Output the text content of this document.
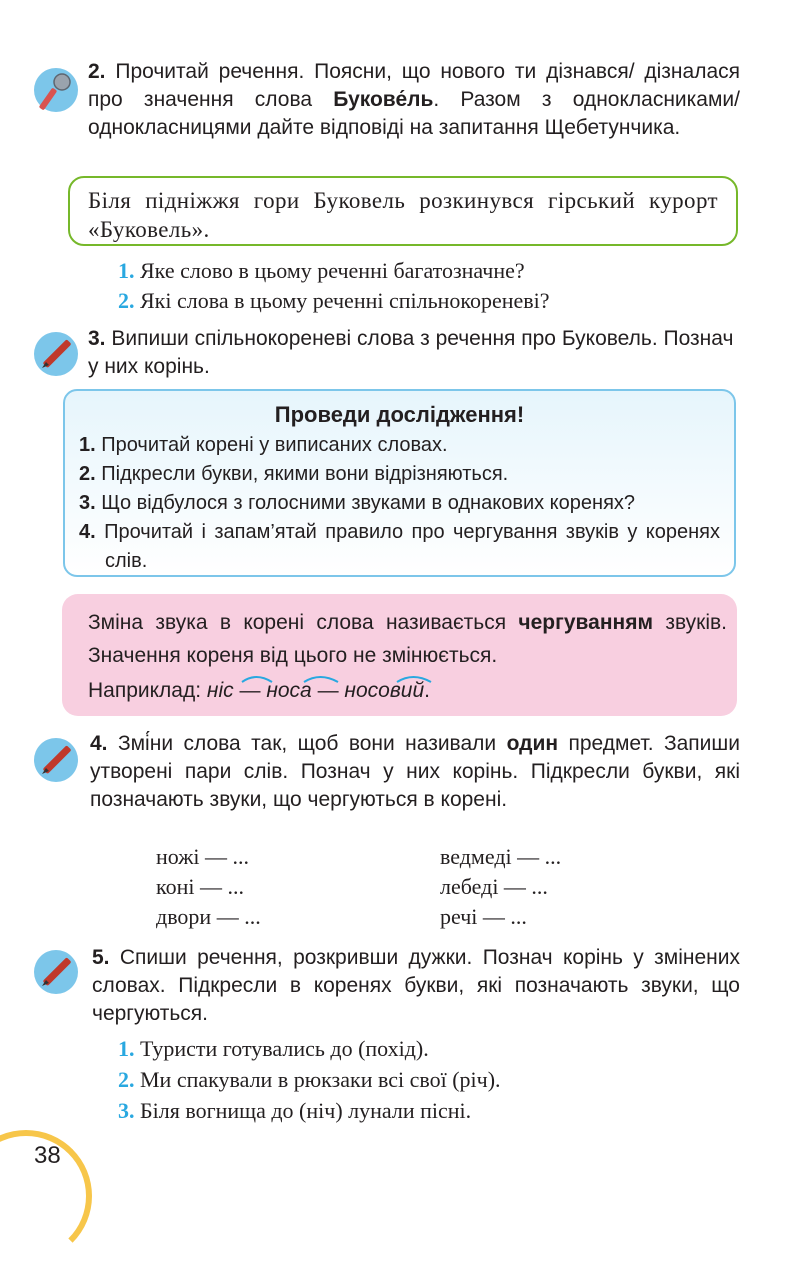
2. Прочитай речення. Поясни, що нового ти дізнався/ дізналася про значення слова Букове́ль. Разом з однокласниками/однокласницями дайте відповіді на запитання Щебетунчика.
Біля підніжжя гори Буковель розкинувся гірський курорт «Буковель».
1. Яке слово в цьому реченні багатозначне?
2. Які слова в цьому реченні спільнокореневі?
3. Випиши спільнокореневі слова з речення про Буковель. Познач у них корінь.
Проведи дослідження!
1. Прочитай корені у виписаних словах.
2. Підкресли букви, якими вони відрізняються.
3. Що відбулося з голосними звуками в однакових коренях?
4. Прочитай і запам’ятай правило про чергування звуків у коренях слів.
Зміна звука в корені слова називається чергуванням звуків. Значення кореня від цього не змінюється.
Наприклад: ніс — носа — носовий.
4. Змі́ни слова так, щоб вони називали один предмет. Запиши утворені пари слів. Познач у них корінь. Підкресли букви, які позначають звуки, що чергуються в корені.
ножі — ...
коні — ...
двори — ...
ведмеді — ...
лебеді — ...
речі — ...
5. Спиши речення, розкривши дужки. Познач корінь у змінених словах. Підкресли в коренях букви, які позначають звуки, що чергуються.
1. Туристи готувались до (похід).
2. Ми спакували в рюкзаки всі свої (річ).
3. Біля вогнища до (ніч) лунали пісні.
38
